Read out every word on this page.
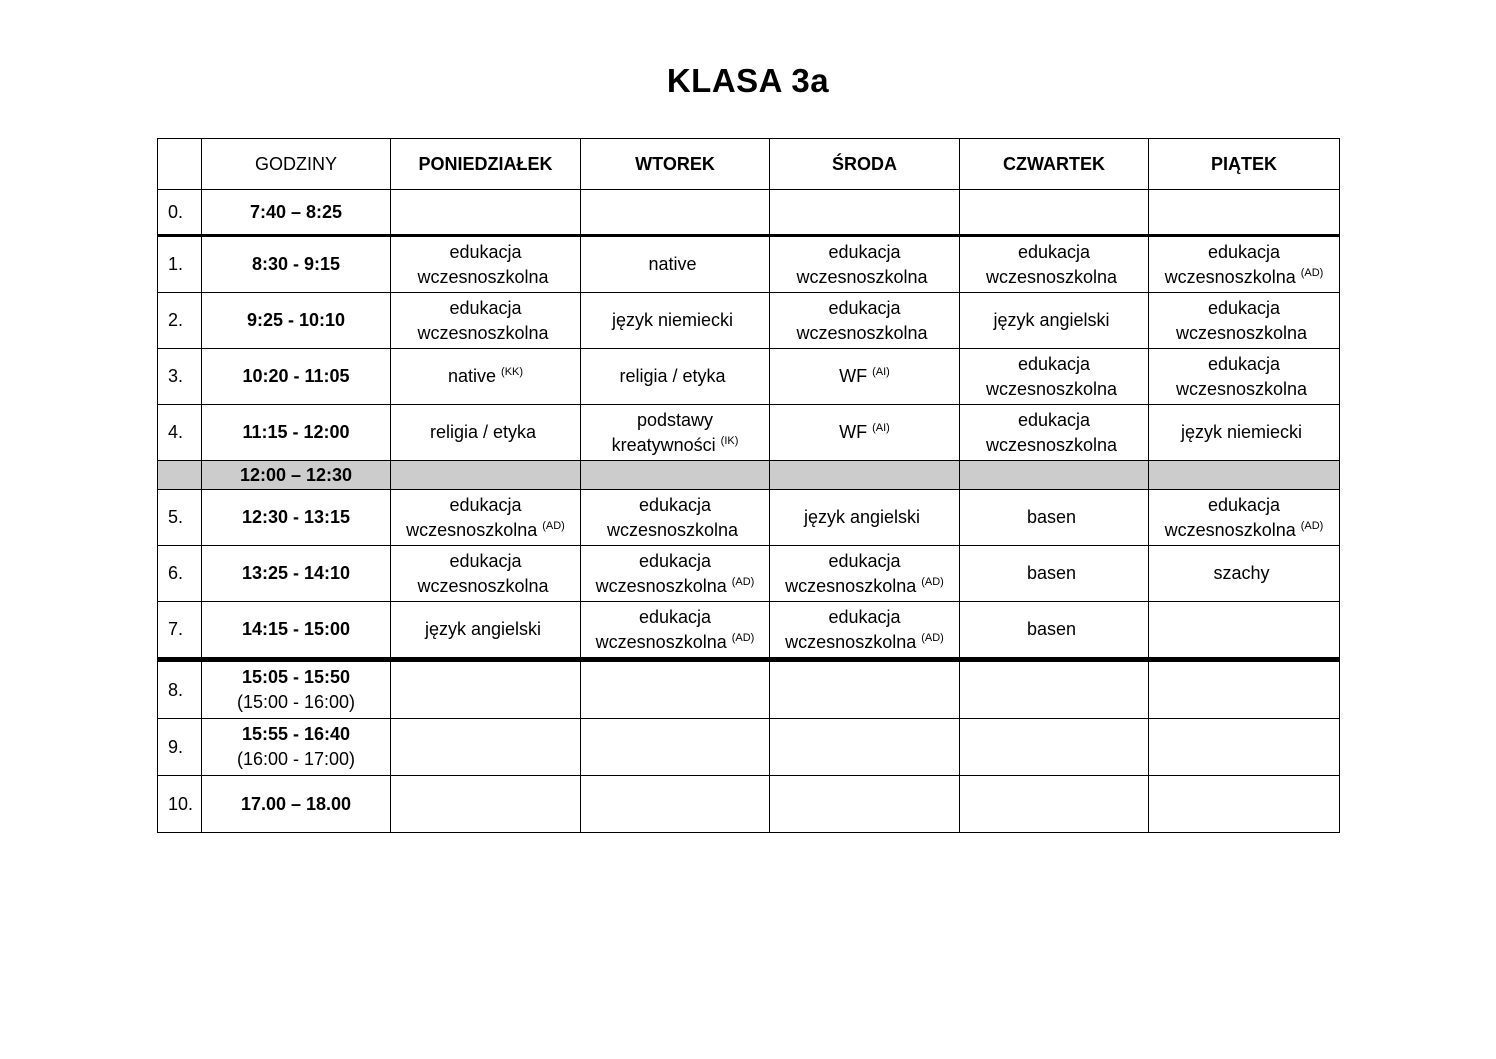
KLASA 3a
	GODZINY	PONIEDZIAŁEK	WTOREK	ŚRODA	CZWARTEK	PIĄTEK
0.	7:40 – 8:25					
1.	8:30 - 9:15	edukacja wczesnoszkolna	native	edukacja wczesnoszkolna	edukacja wczesnoszkolna	edukacja wczesnoszkolna $^{(AD)}$
2.	9:25 - 10:10	edukacja wczesnoszkolna	język niemiecki	edukacja wczesnoszkolna	język angielski	edukacja wczesnoszkolna
3.	10:20 - 11:05	native $^{(KK)}$	religia / etyka	WF $^{(AI)}$	edukacja wczesnoszkolna	edukacja wczesnoszkolna
4.	11:15 - 12:00	religia / etyka	podstawy kreatywności $^{(IK)}$	WF $^{(AI)}$	edukacja wczesnoszkolna	język niemiecki
	12:00 – 12:30					
5.	12:30 - 13:15	edukacja wczesnoszkolna $^{(AD)}$	edukacja wczesnoszkolna	język angielski	basen	edukacja wczesnoszkolna $^{(AD)}$
6.	13:25 - 14:10	edukacja wczesnoszkolna	edukacja wczesnoszkolna $^{(AD)}$	edukacja wczesnoszkolna $^{(AD)}$	basen	szachy
7.	14:15 - 15:00	język angielski	edukacja wczesnoszkolna $^{(AD)}$	edukacja wczesnoszkolna $^{(AD)}$	basen	
8.	15:05 - 15:50
(15:00 - 16:00)					

9.	15:55 - 16:40
(16:00 - 17:00)					

10.	17.00 – 18.00					
